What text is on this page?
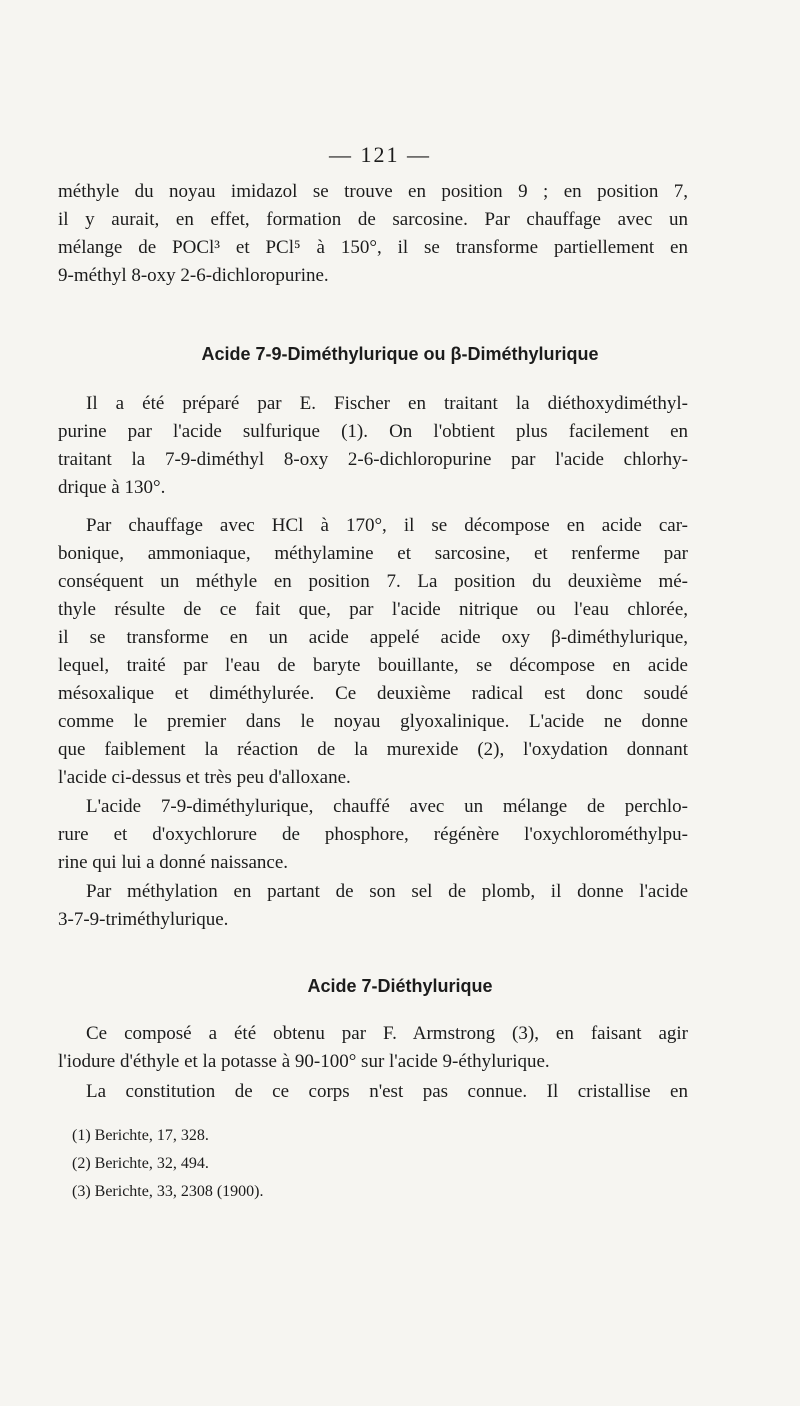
— 121 —
méthyle du noyau imidazol se trouve en position 9 ; en position 7,
il y aurait, en effet, formation de sarcosine. Par chauffage avec un
mélange de POCl³ et PCl⁵ à 150°, il se transforme partiellement en
9-méthyl 8-oxy 2-6-dichloropurine.
Acide 7-9-Diméthylurique ou β-Diméthylurique
Il a été préparé par E. Fischer en traitant la diéthoxydiméthyl-
purine par l'acide sulfurique (1). On l'obtient plus facilement en
traitant la 7-9-diméthyl 8-oxy 2-6-dichloropurine par l'acide chlorhy-
drique à 130°.
Par chauffage avec HCl à 170°, il se décompose en acide car-
bonique, ammoniaque, méthylamine et sarcosine, et renferme par
conséquent un méthyle en position 7. La position du deuxième mé-
thyle résulte de ce fait que, par l'acide nitrique ou l'eau chlorée,
il se transforme en un acide appelé acide oxy β-diméthylurique,
lequel, traité par l'eau de baryte bouillante, se décompose en acide
mésoxalique et diméthylurée. Ce deuxième radical est donc soudé
comme le premier dans le noyau glyoxalinique. L'acide ne donne
que faiblement la réaction de la murexide (2), l'oxydation donnant
l'acide ci-dessus et très peu d'alloxane.
L'acide 7-9-diméthylurique, chauffé avec un mélange de perchlo-
rure et d'oxychlorure de phosphore, régénère l'oxychlorométhylpu-
rine qui lui a donné naissance.
Par méthylation en partant de son sel de plomb, il donne l'acide
3-7-9-triméthylurique.
Acide 7-Diéthylurique
Ce composé a été obtenu par F. Armstrong (3), en faisant agir
l'iodure d'éthyle et la potasse à 90-100° sur l'acide 9-éthylurique.
La constitution de ce corps n'est pas connue. Il cristallise en
(1) Berichte, 17, 328.
(2) Berichte, 32, 494.
(3) Berichte, 33, 2308 (1900).
